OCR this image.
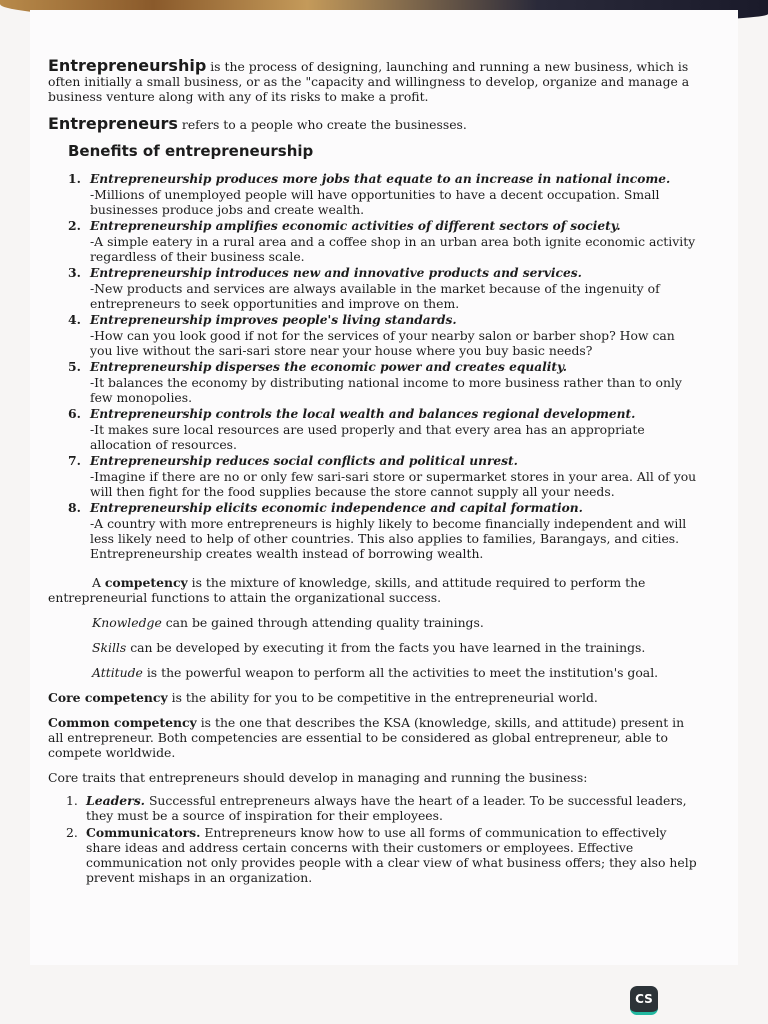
Entrepreneurship is the process of designing, launching and running a new business, which is often initially a small business, or as the "capacity and willingness to develop, organize and manage a business venture along with any of its risks to make a profit.

Entrepreneurs refers to a people who create the businesses.

Benefits of entrepreneurship

1. Entrepreneurship produces more jobs that equate to an increase in national income.
-Millions of unemployed people will have opportunities to have a decent occupation. Small businesses produce jobs and create wealth.
2. Entrepreneurship amplifies economic activities of different sectors of society.
-A simple eatery in a rural area and a coffee shop in an urban area both ignite economic activity regardless of their business scale.
3. Entrepreneurship introduces new and innovative products and services.
-New products and services are always available in the market because of the ingenuity of entrepreneurs to seek opportunities and improve on them.
4. Entrepreneurship improves people's living standards.
-How can you look good if not for the services of your nearby salon or barber shop? How can you live without the sari-sari store near your house where you buy basic needs?
5. Entrepreneurship disperses the economic power and creates equality.
-It balances the economy by distributing national income to more business rather than to only few monopolies.
6. Entrepreneurship controls the local wealth and balances regional development.
-It makes sure local resources are used properly and that every area has an appropriate allocation of resources.
7. Entrepreneurship reduces social conflicts and political unrest.
-Imagine if there are no or only few sari-sari store or supermarket stores in your area. All of you will then fight for the food supplies because the store cannot supply all your needs.
8. Entrepreneurship elicits economic independence and capital formation.
-A country with more entrepreneurs is highly likely to become financially independent and will less likely need to help of other countries. This also applies to families, Barangays, and cities. Entrepreneurship creates wealth instead of borrowing wealth.

A competency is the mixture of knowledge, skills, and attitude required to perform the entrepreneurial functions to attain the organizational success.

Knowledge can be gained through attending quality trainings.

Skills can be developed by executing it from the facts you have learned in the trainings.

Attitude is the powerful weapon to perform all the activities to meet the institution's goal.

Core competency is the ability for you to be competitive in the entrepreneurial world.

Common competency is the one that describes the KSA (knowledge, skills, and attitude) present in all entrepreneur. Both competencies are essential to be considered as global entrepreneur, able to compete worldwide.

Core traits that entrepreneurs should develop in managing and running the business:

1. Leaders. Successful entrepreneurs always have the heart of a leader. To be successful leaders, they must be a source of inspiration for their employees.
2. Communicators. Entrepreneurs know how to use all forms of communication to effectively share ideas and address certain concerns with their customers or employees. Effective communication not only provides people with a clear view of what business offers; they also help prevent mishaps in an organization.
CS
